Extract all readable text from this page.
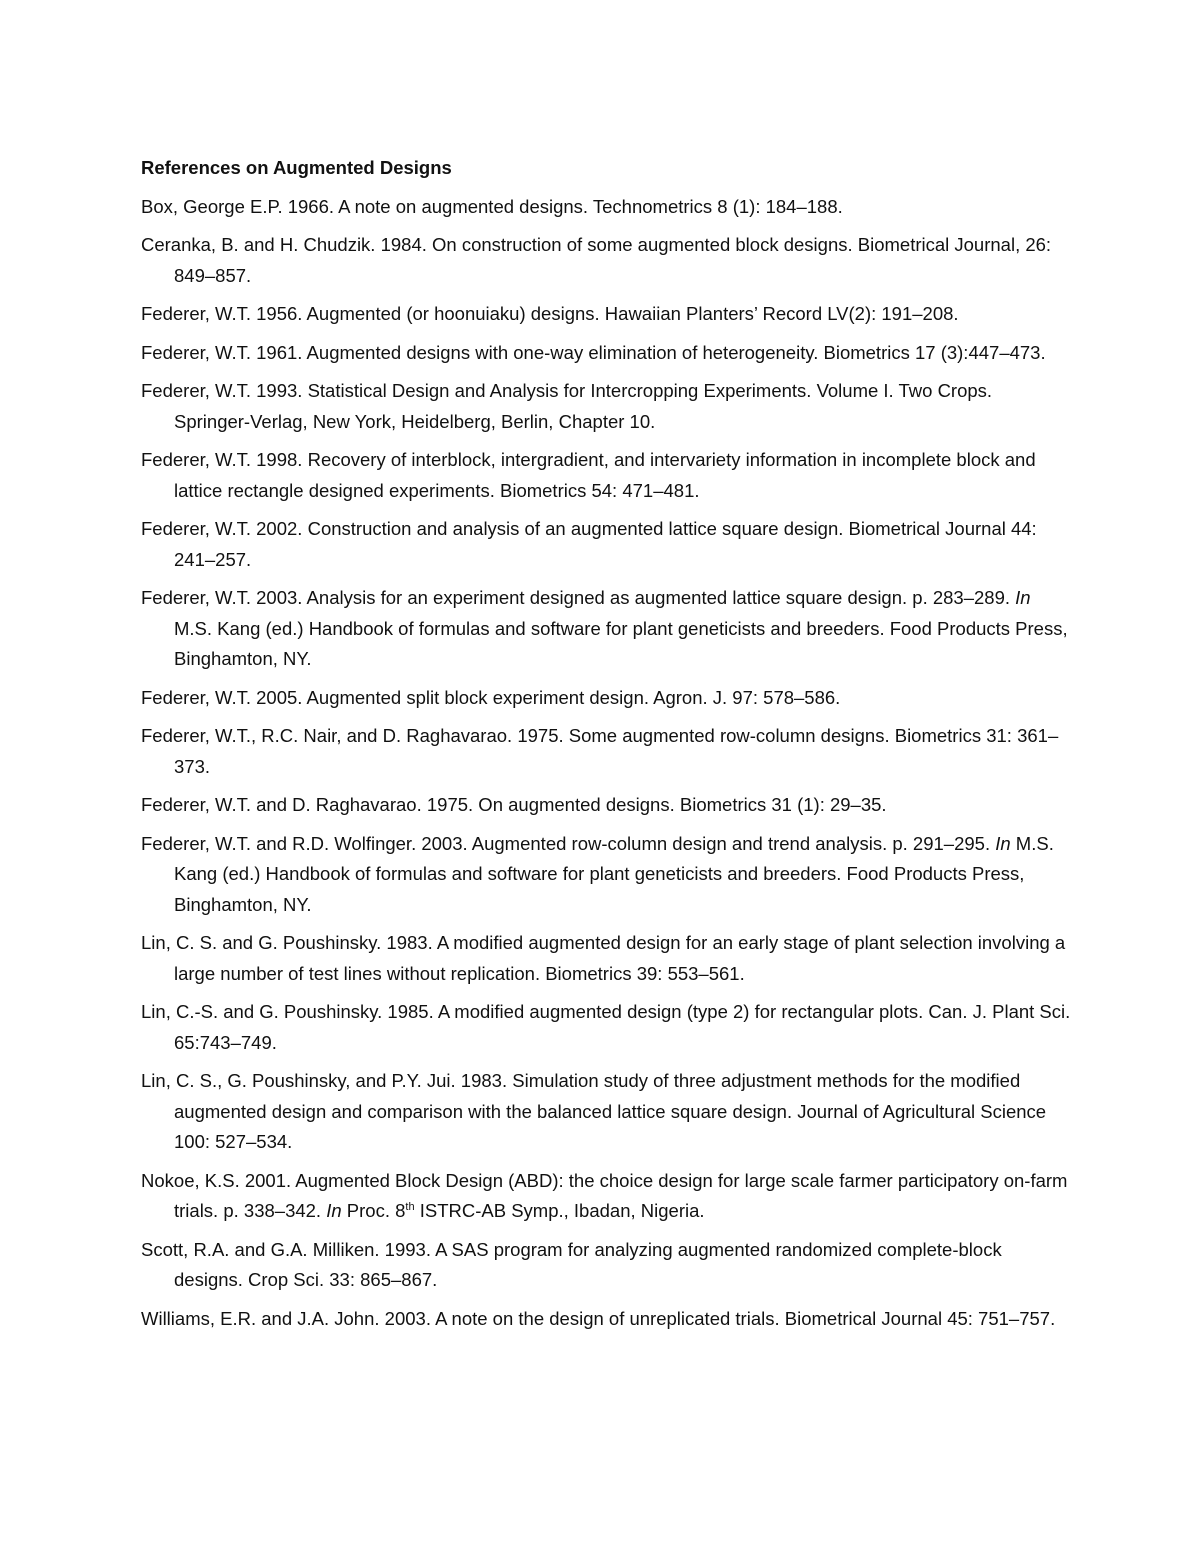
References on Augmented Designs

Box, George E.P. 1966. A note on augmented designs. Technometrics 8 (1): 184–188.

Ceranka, B. and H. Chudzik. 1984. On construction of some augmented block designs. Biometrical Journal, 26: 849–857.

Federer, W.T. 1956. Augmented (or hoonuiaku) designs. Hawaiian Planters’ Record LV(2): 191–208.

Federer, W.T. 1961. Augmented designs with one-way elimination of heterogeneity. Biometrics 17 (3):447–473.

Federer, W.T. 1993. Statistical Design and Analysis for Intercropping Experiments. Volume I. Two Crops. Springer-Verlag, New York, Heidelberg, Berlin, Chapter 10.

Federer, W.T. 1998. Recovery of interblock, intergradient, and intervariety information in incomplete block and lattice rectangle designed experiments. Biometrics 54: 471–481.

Federer, W.T. 2002. Construction and analysis of an augmented lattice square design. Biometrical Journal 44: 241–257.

Federer, W.T. 2003. Analysis for an experiment designed as augmented lattice square design. p. 283–289. In M.S. Kang (ed.) Handbook of formulas and software for plant geneticists and breeders. Food Products Press, Binghamton, NY.

Federer, W.T. 2005. Augmented split block experiment design. Agron. J. 97: 578–586.

Federer, W.T., R.C. Nair, and D. Raghavarao. 1975. Some augmented row-column designs. Biometrics 31: 361–373.

Federer, W.T. and D. Raghavarao. 1975. On augmented designs. Biometrics 31 (1): 29–35.

Federer, W.T. and R.D. Wolfinger. 2003. Augmented row-column design and trend analysis. p. 291–295. In M.S. Kang (ed.) Handbook of formulas and software for plant geneticists and breeders. Food Products Press, Binghamton, NY.

Lin, C. S. and G. Poushinsky. 1983. A modified augmented design for an early stage of plant selection involving a large number of test lines without replication. Biometrics 39: 553–561.

Lin, C.-S. and G. Poushinsky. 1985. A modified augmented design (type 2) for rectangular plots. Can. J. Plant Sci. 65:743–749.

Lin, C. S., G. Poushinsky, and P.Y. Jui. 1983. Simulation study of three adjustment methods for the modified augmented design and comparison with the balanced lattice square design. Journal of Agricultural Science 100: 527–534.

Nokoe, K.S. 2001. Augmented Block Design (ABD): the choice design for large scale farmer participatory on-farm trials. p. 338–342. In Proc. 8th ISTRC-AB Symp., Ibadan, Nigeria.

Scott, R.A. and G.A. Milliken. 1993. A SAS program for analyzing augmented randomized complete-block designs. Crop Sci. 33: 865–867.

Williams, E.R. and J.A. John. 2003. A note on the design of unreplicated trials. Biometrical Journal 45: 751–757.
